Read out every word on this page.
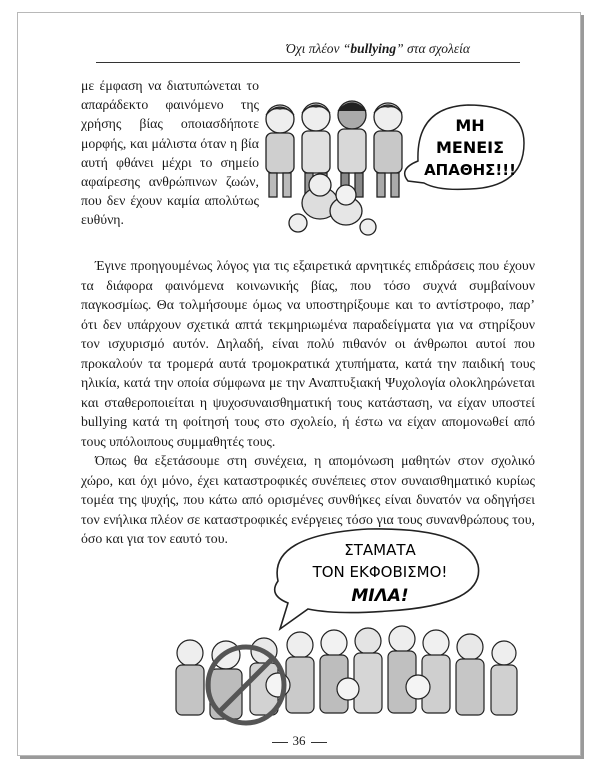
Όχι πλέον “bullying” στα σχολεία

με έμφαση να διατυπώνεται το απαράδεκτο φαινόμενο της χρήσης βίας οποιασδήποτε μορφής, και μάλιστα όταν η βία αυτή φθάνει μέχρι το σημείο αφαίρεσης ανθρώπινων ζωών, που δεν έχουν καμία απολύτως ευθύνη.

ΜΗ
ΜΕΝΕΙΣ
ΑΠΑΘΗΣ!!!

Έγινε προηγουμένως λόγος για τις εξαιρετικά αρνητικές επιδράσεις που έχουν τα διάφορα φαινόμενα κοινωνικής βίας, που τόσο συχνά συμβαίνουν παγκοσμίως. Θα τολμήσουμε όμως να υποστηρίξουμε και το αντίστροφο, παρ’ ότι δεν υπάρχουν σχετικά απτά τεκμηριωμένα παραδείγματα για να στηρίξουν τον ισχυρισμό αυτόν. Δηλαδή, είναι πολύ πιθανόν οι άνθρωποι αυτοί που προκαλούν τα τρομερά αυτά τρομοκρατικά χτυπήματα, κατά την παιδική τους ηλικία, κατά την οποία σύμφωνα με την Αναπτυξιακή Ψυχολογία ολοκληρώνεται και σταθεροποιείται η ψυχοσυναισθηματική τους κατάσταση, να είχαν υποστεί bullying κατά τη φοίτησή τους στο σχολείο, ή έστω να είχαν απομονωθεί από τους υπόλοιπους συμμαθητές τους.

Όπως θα εξετάσουμε στη συνέχεια, η απομόνωση μαθητών στον σχολικό χώρο, και όχι μόνο, έχει καταστροφικές συνέπειες στον συναισθηματικό κυρίως τομέα της ψυχής, που κάτω από ορισμένες συνθήκες είναι δυνατόν να οδηγήσει τον ενήλικα πλέον σε καταστροφικές ενέργειες τόσο για τους συνανθρώπους του, όσο και για τον εαυτό του.

ΣΤΑΜΑΤΑ
ΤΟΝ ΕΚΦΟΒΙΣΜΟ!
ΜΙΛΑ!
36
